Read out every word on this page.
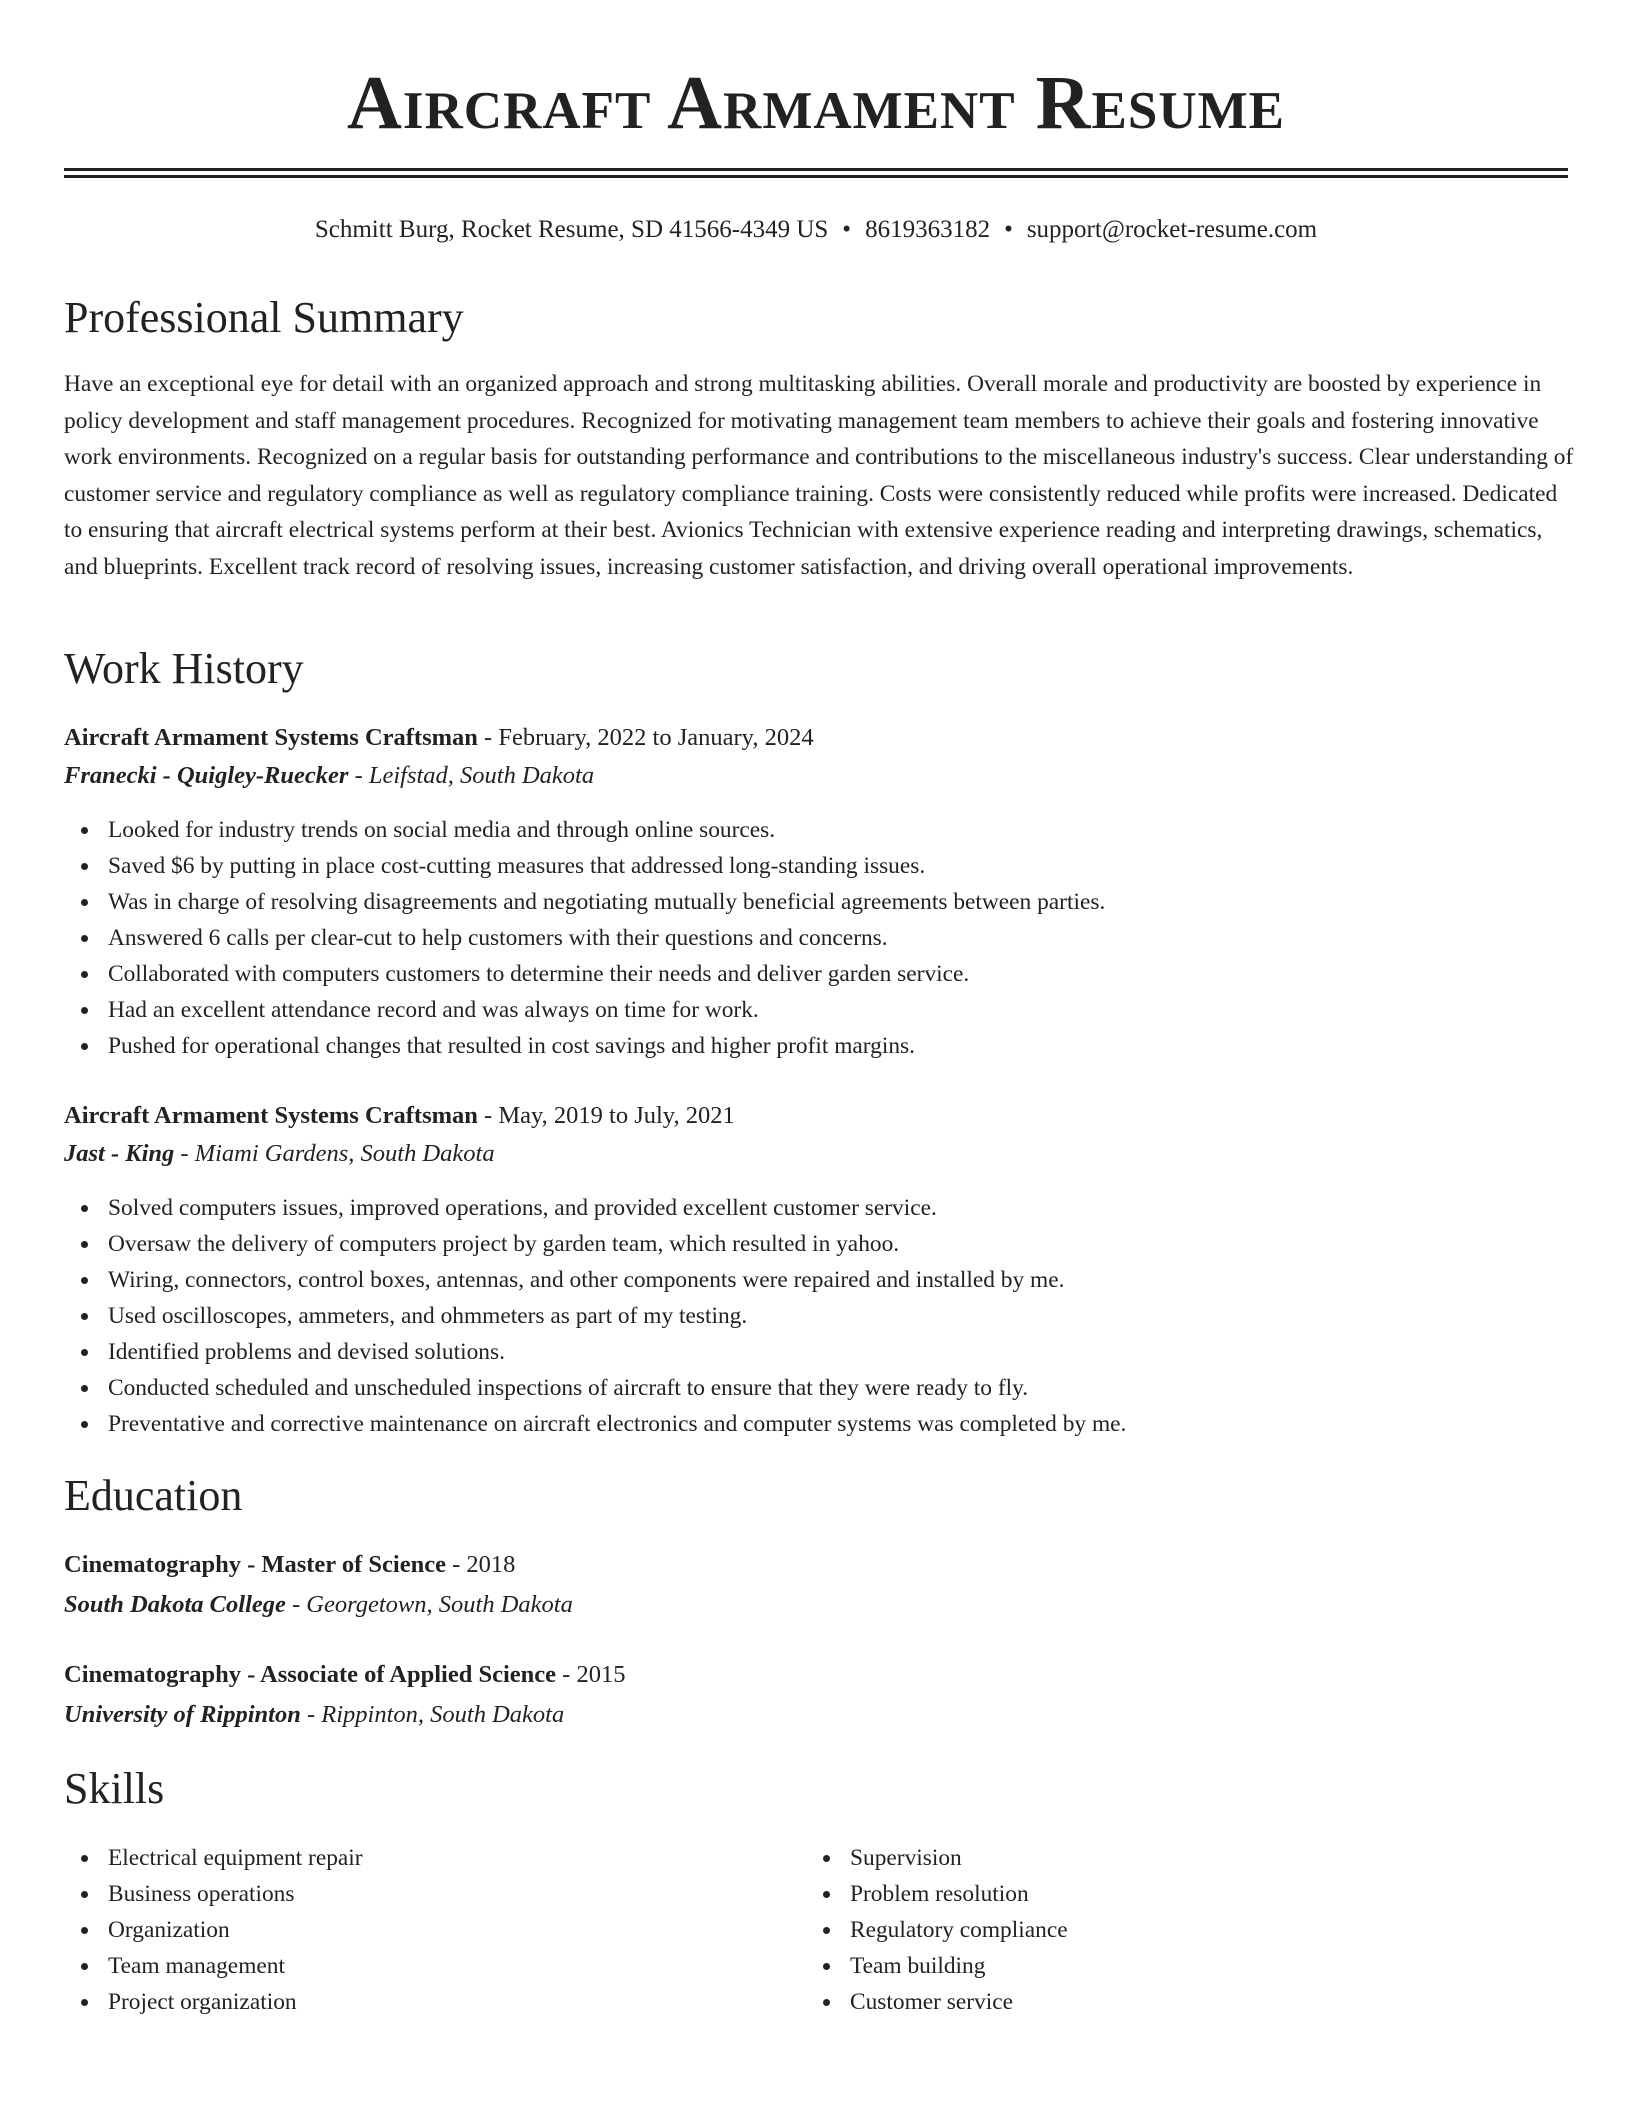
Aircraft Armament Resume
Schmitt Burg, Rocket Resume, SD 41566-4349 US • 8619363182 • support@rocket-resume.com
Professional Summary

Have an exceptional eye for detail with an organized approach and strong multitasking abilities. Overall morale and productivity are boosted by experience in policy development and staff management procedures. Recognized for motivating management team members to achieve their goals and fostering innovative work environments. Recognized on a regular basis for outstanding performance and contributions to the miscellaneous industry's success. Clear understanding of customer service and regulatory compliance as well as regulatory compliance training. Costs were consistently reduced while profits were increased. Dedicated to ensuring that aircraft electrical systems perform at their best. Avionics Technician with extensive experience reading and interpreting drawings, schematics, and blueprints. Excellent track record of resolving issues, increasing customer satisfaction, and driving overall operational improvements.

Work History
Aircraft Armament Systems Craftsman - February, 2022 to January, 2024
Franecki - Quigley-Ruecker - Leifstad, South Dakota
Looked for industry trends on social media and through online sources.
Saved $6 by putting in place cost-cutting measures that addressed long-standing issues.
Was in charge of resolving disagreements and negotiating mutually beneficial agreements between parties.
Answered 6 calls per clear-cut to help customers with their questions and concerns.
Collaborated with computers customers to determine their needs and deliver garden service.
Had an excellent attendance record and was always on time for work.
Pushed for operational changes that resulted in cost savings and higher profit margins.
Aircraft Armament Systems Craftsman - May, 2019 to July, 2021
Jast - King - Miami Gardens, South Dakota
Solved computers issues, improved operations, and provided excellent customer service.
Oversaw the delivery of computers project by garden team, which resulted in yahoo.
Wiring, connectors, control boxes, antennas, and other components were repaired and installed by me.
Used oscilloscopes, ammeters, and ohmmeters as part of my testing.
Identified problems and devised solutions.
Conducted scheduled and unscheduled inspections of aircraft to ensure that they were ready to fly.
Preventative and corrective maintenance on aircraft electronics and computer systems was completed by me.
Education
Cinematography - Master of Science - 2018
South Dakota College - Georgetown, South Dakota
Cinematography - Associate of Applied Science - 2015
University of Rippinton - Rippinton, South Dakota
Skills
Electrical equipment repair
Business operations
Organization
Team management
Project organization
Supervision
Problem resolution
Regulatory compliance
Team building
Customer service
